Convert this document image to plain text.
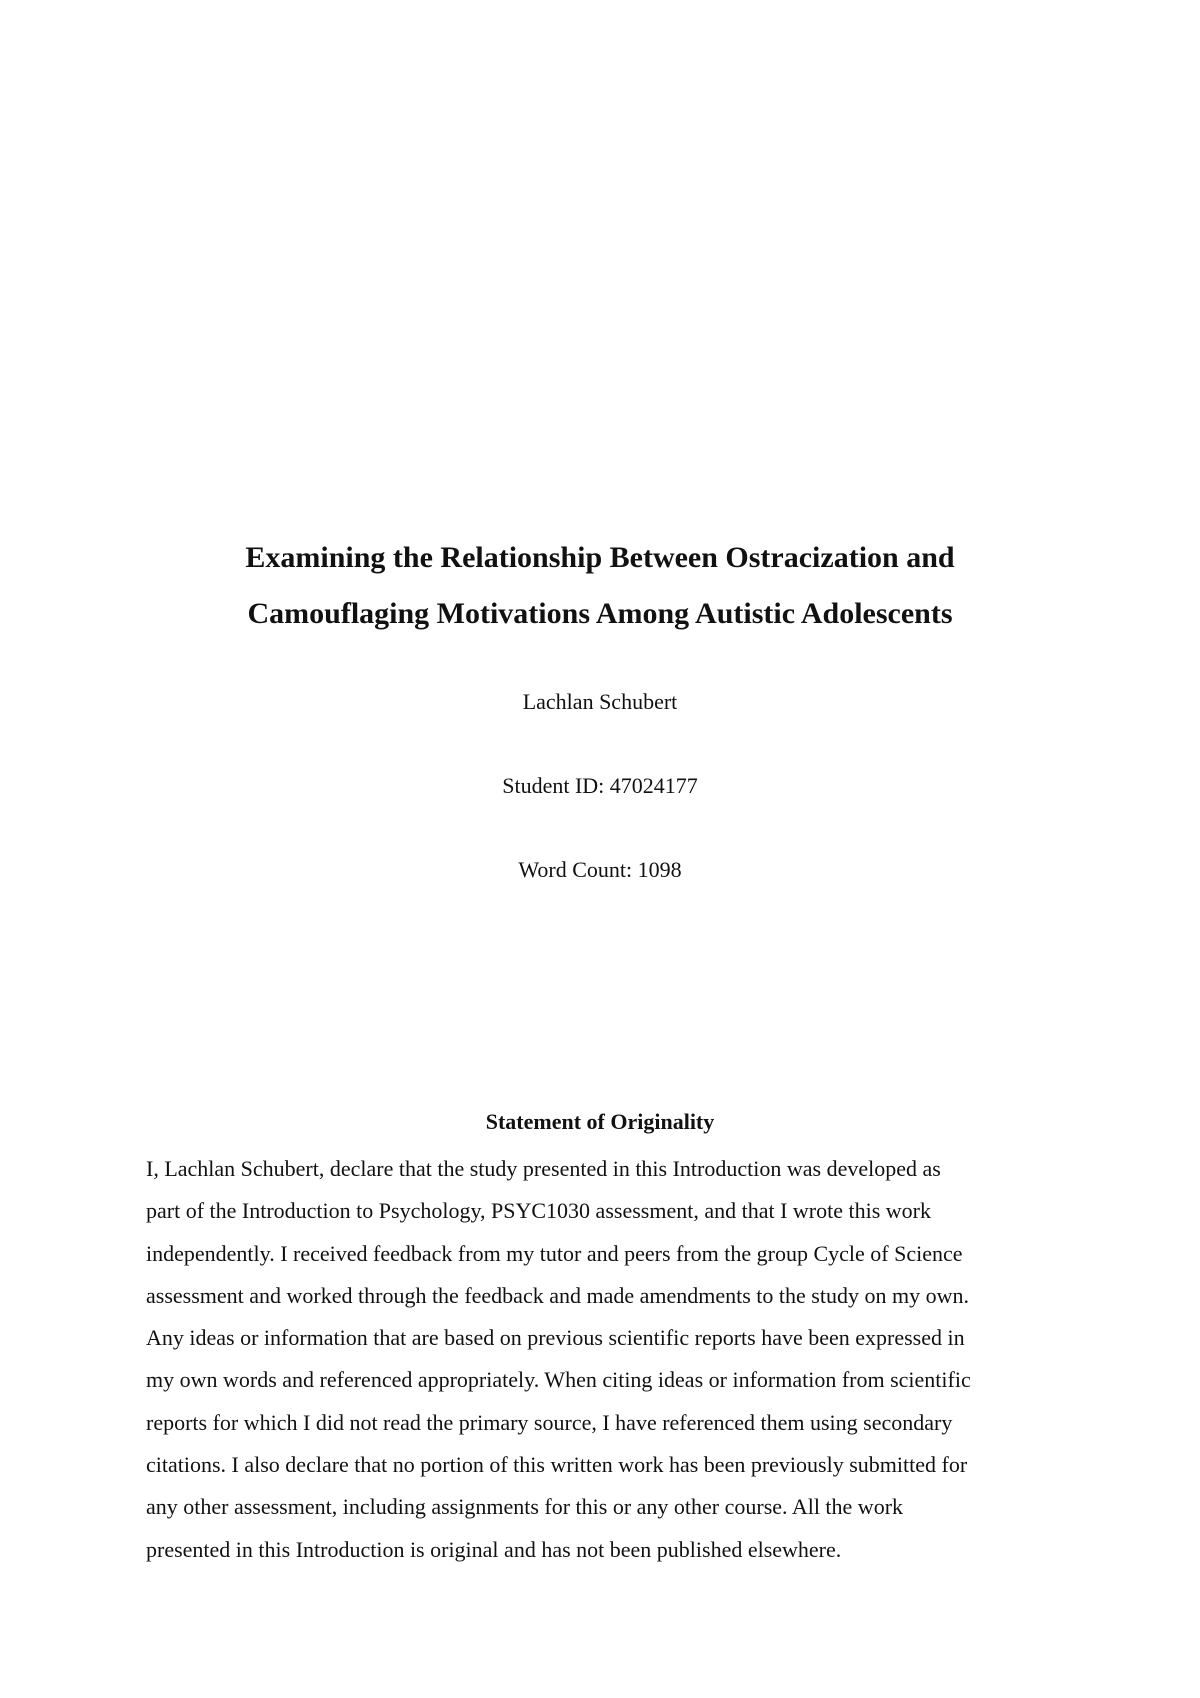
Examining the Relationship Between Ostracization and
Camouflaging Motivations Among Autistic Adolescents
Lachlan Schubert
Student ID: 47024177
Word Count: 1098
Statement of Originality
I, Lachlan Schubert, declare that the study presented in this Introduction was developed as
part of the Introduction to Psychology, PSYC1030 assessment, and that I wrote this work
independently. I received feedback from my tutor and peers from the group Cycle of Science
assessment and worked through the feedback and made amendments to the study on my own.
Any ideas or information that are based on previous scientific reports have been expressed in
my own words and referenced appropriately. When citing ideas or information from scientific
reports for which I did not read the primary source, I have referenced them using secondary
citations. I also declare that no portion of this written work has been previously submitted for
any other assessment, including assignments for this or any other course. All the work
presented in this Introduction is original and has not been published elsewhere.
